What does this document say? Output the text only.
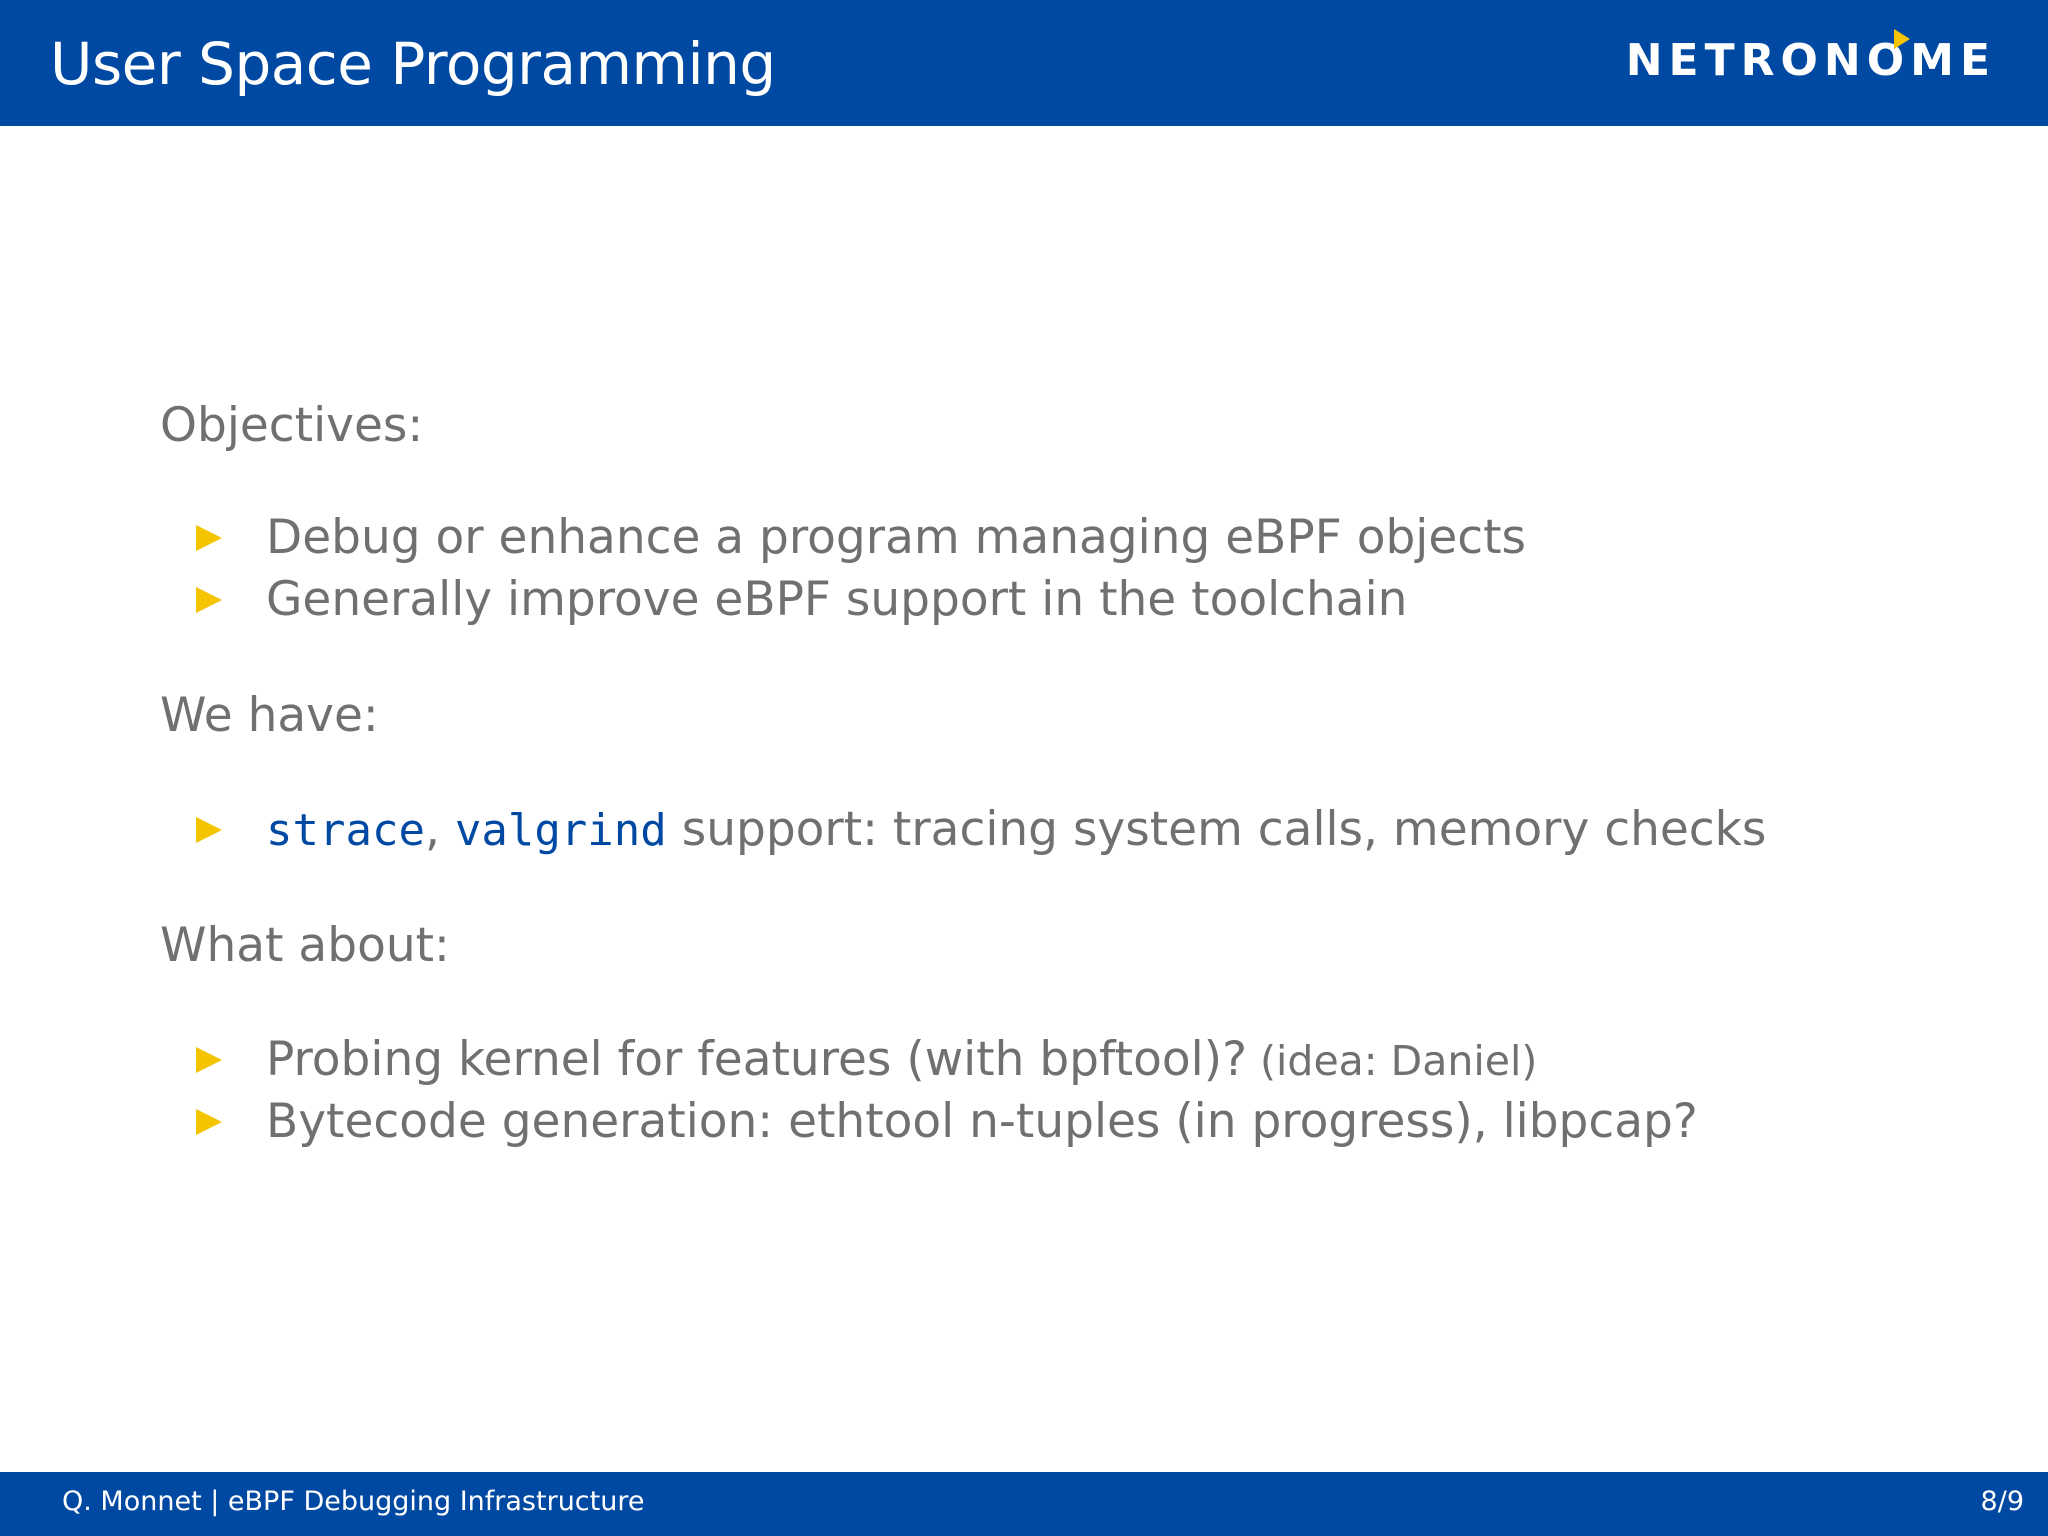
User Space Programming	NETRON O ME
Objectives:
Debug or enhance a program managing eBPF objects
Generally improve eBPF support in the toolchain
We have:
strace, valgrind support: tracing system calls, memory checks
What about:
Probing kernel for features (with bpftool)? (idea: Daniel)
Bytecode generation: ethtool n-tuples (in progress), libpcap?
Q. Monnet | eBPF Debugging Infrastructure	8/9
